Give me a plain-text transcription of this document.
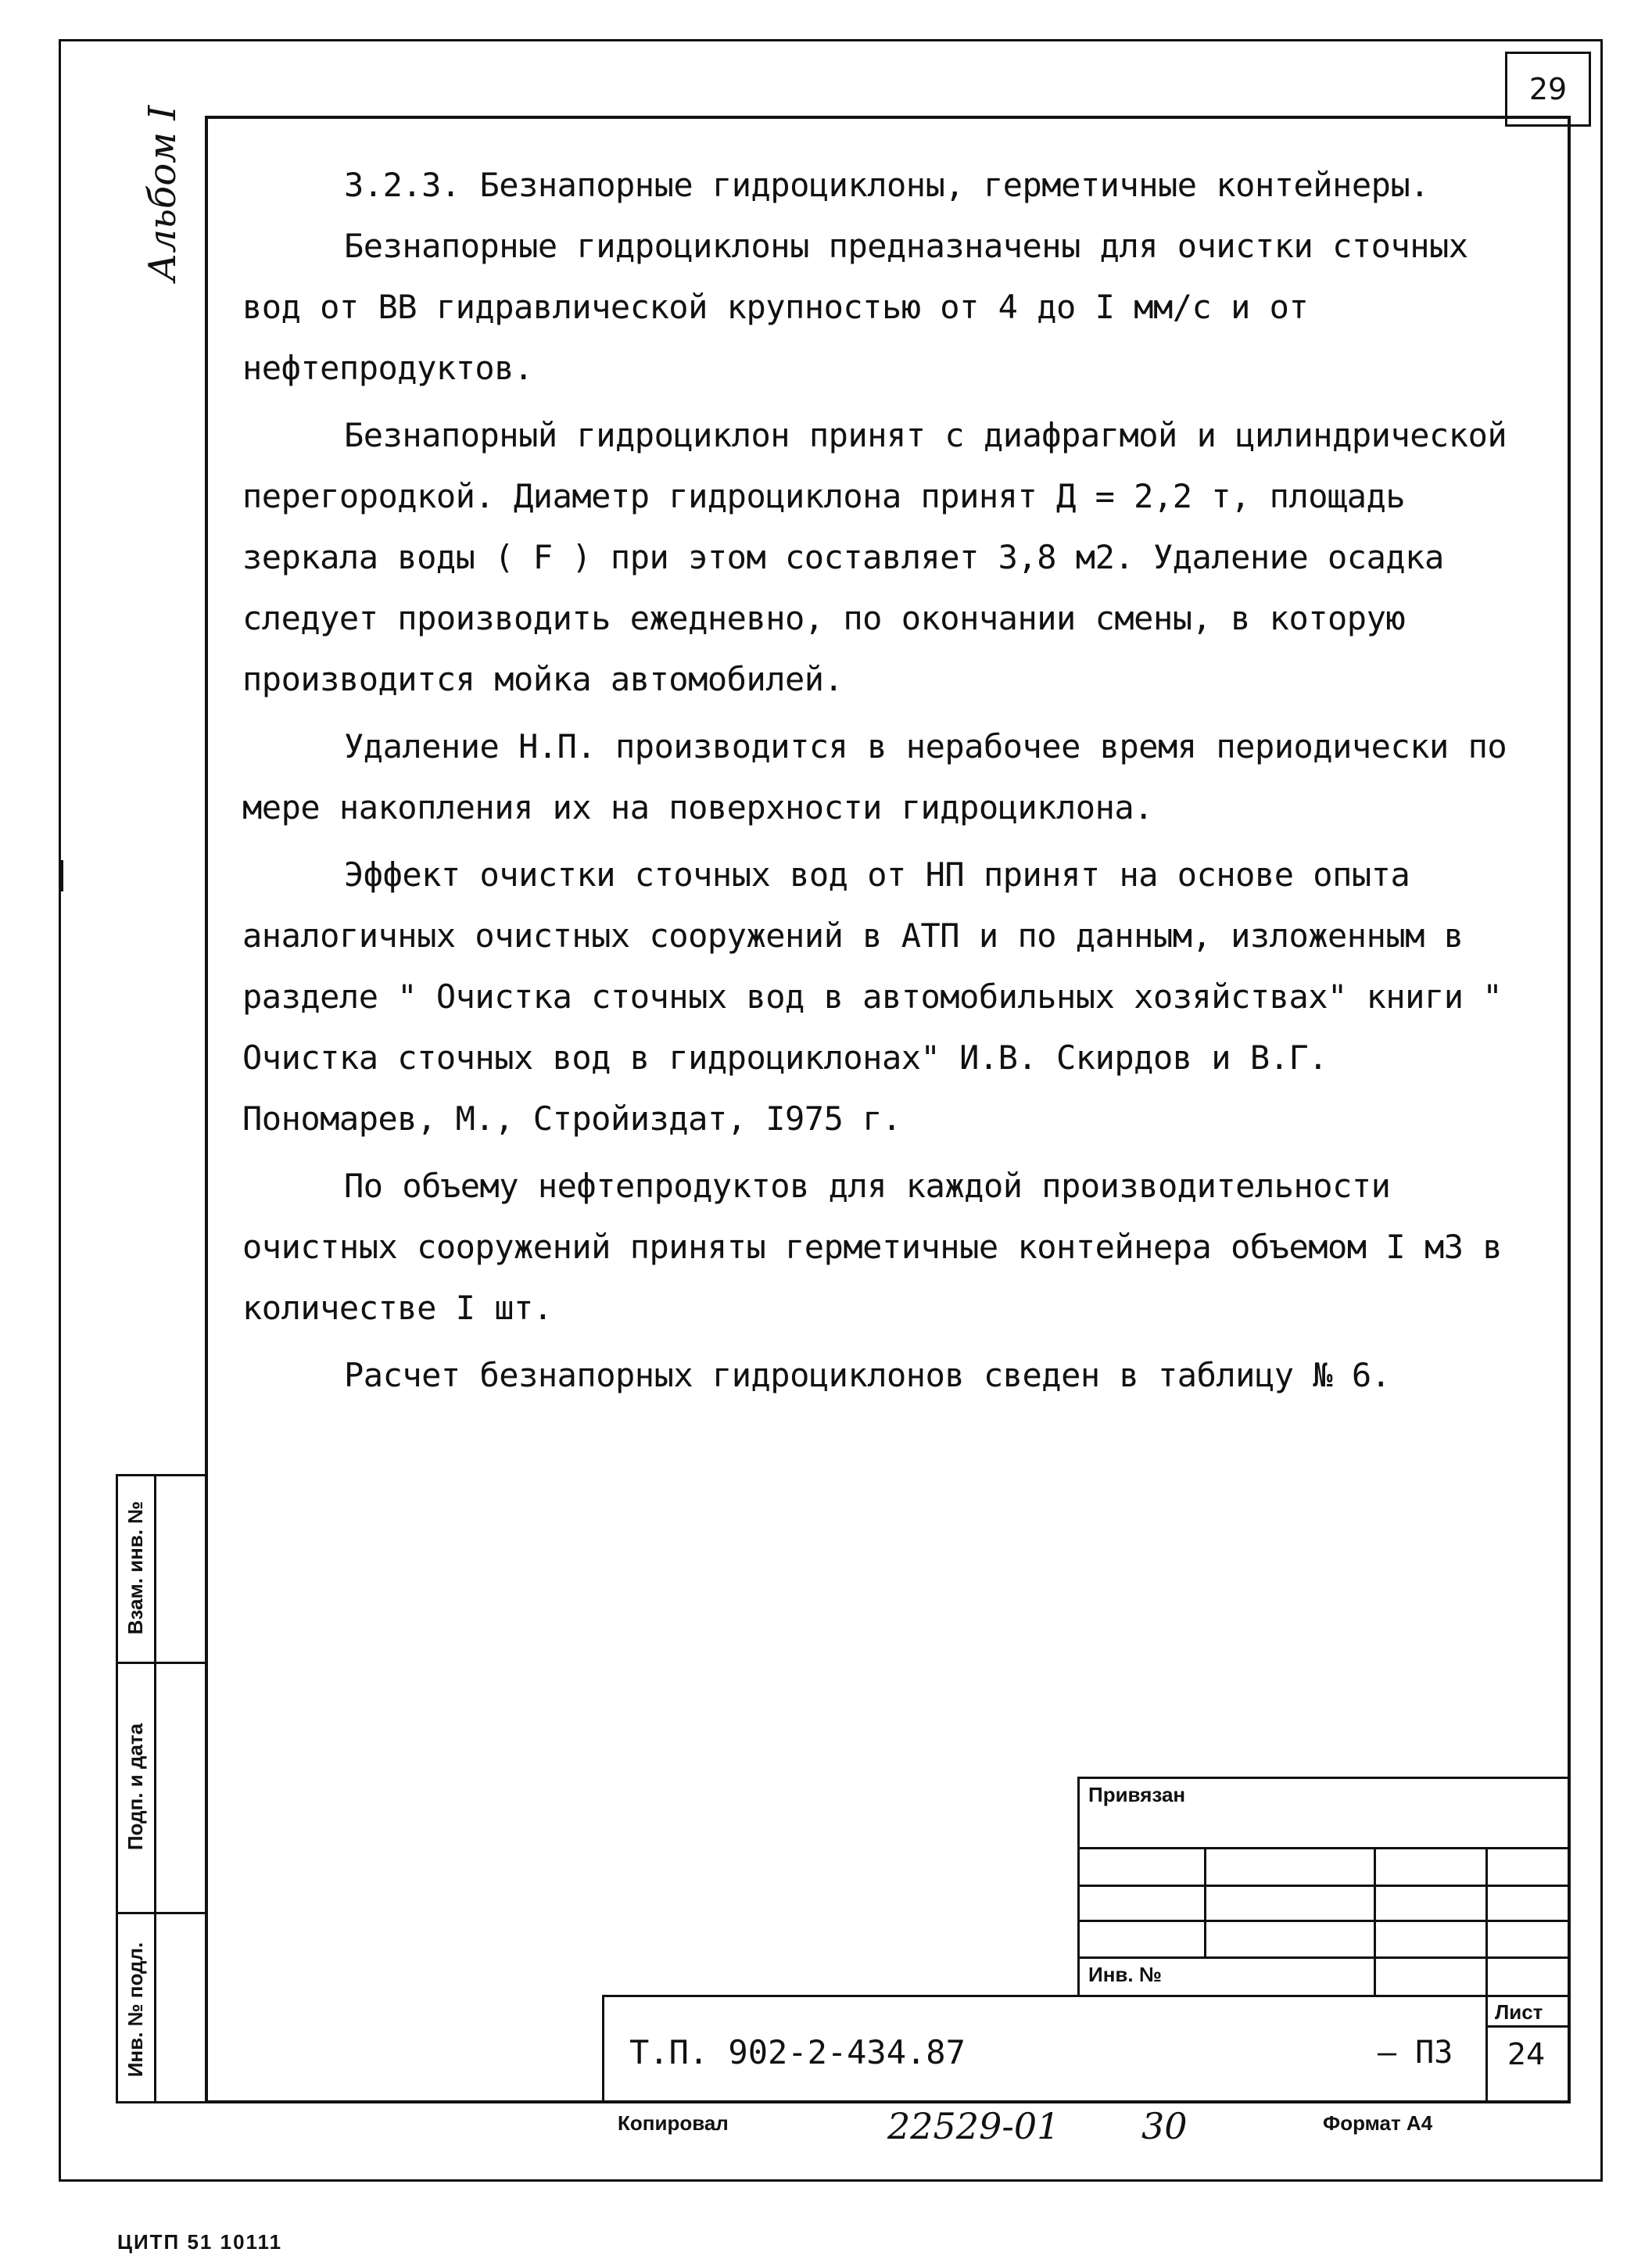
29
Альбом I	3.2.3. Безнапорные гидроциклоны, герметичные контейнеры.

Безнапорные гидроциклоны предназначены для очистки сточных вод от ВВ гидравлической крупностью от 4 до I мм/с и от нефтепродуктов.

Безнапорный гидроциклон принят с диафрагмой и цилиндрической перегородкой. Диаметр гидроциклона принят Д = 2,2 т, площадь зеркала воды ( F ) при этом составляет 3,8 м2. Удаление осадка следует производить ежедневно, по окончании смены, в которую производится мойка автомобилей.

Удаление Н.П. производится в нерабочее время периодически по мере накопления их на поверхности гидроциклона.

Эффект очистки сточных вод от НП принят на основе опыта аналогичных очистных сооружений в АТП и по данным, изложенным в разделе " Очистка сточных вод в автомобильных хозяйствах" книги " Очистка сточных вод в гидроциклонах" И.В. Скирдов и В.Г. Пономарев, М., Стройиздат, I975 г.

По объему нефтепродуктов для каждой производительности очистных сооружений приняты герметичные контейнера объемом I м3 в количестве I шт.

Расчет безнапорных гидроциклонов сведен в таблицу № 6.

Взам. инв. №
Подп. и дата
Инв. № подл.
Привязан
Инв. №
Т.П. 902-2-434.87	– ПЗ
Лист
24
Копировал	22529-01 30	Формат А4
ЦИТП 51 10111
